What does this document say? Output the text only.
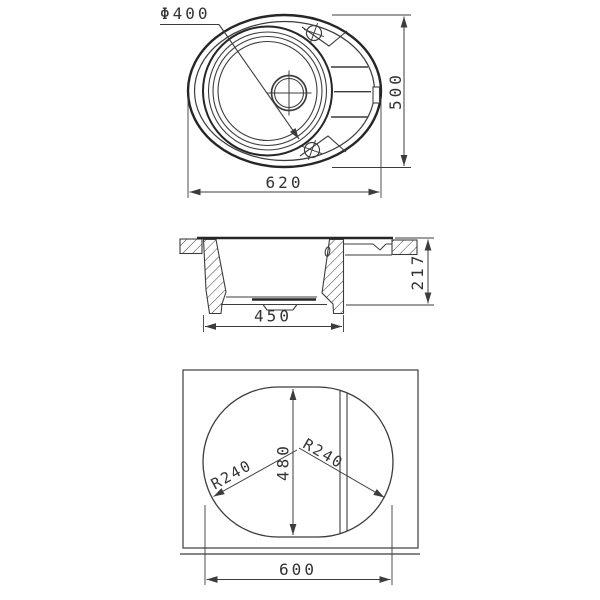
Φ400
620
500
450
217
480
R240
R240
600
